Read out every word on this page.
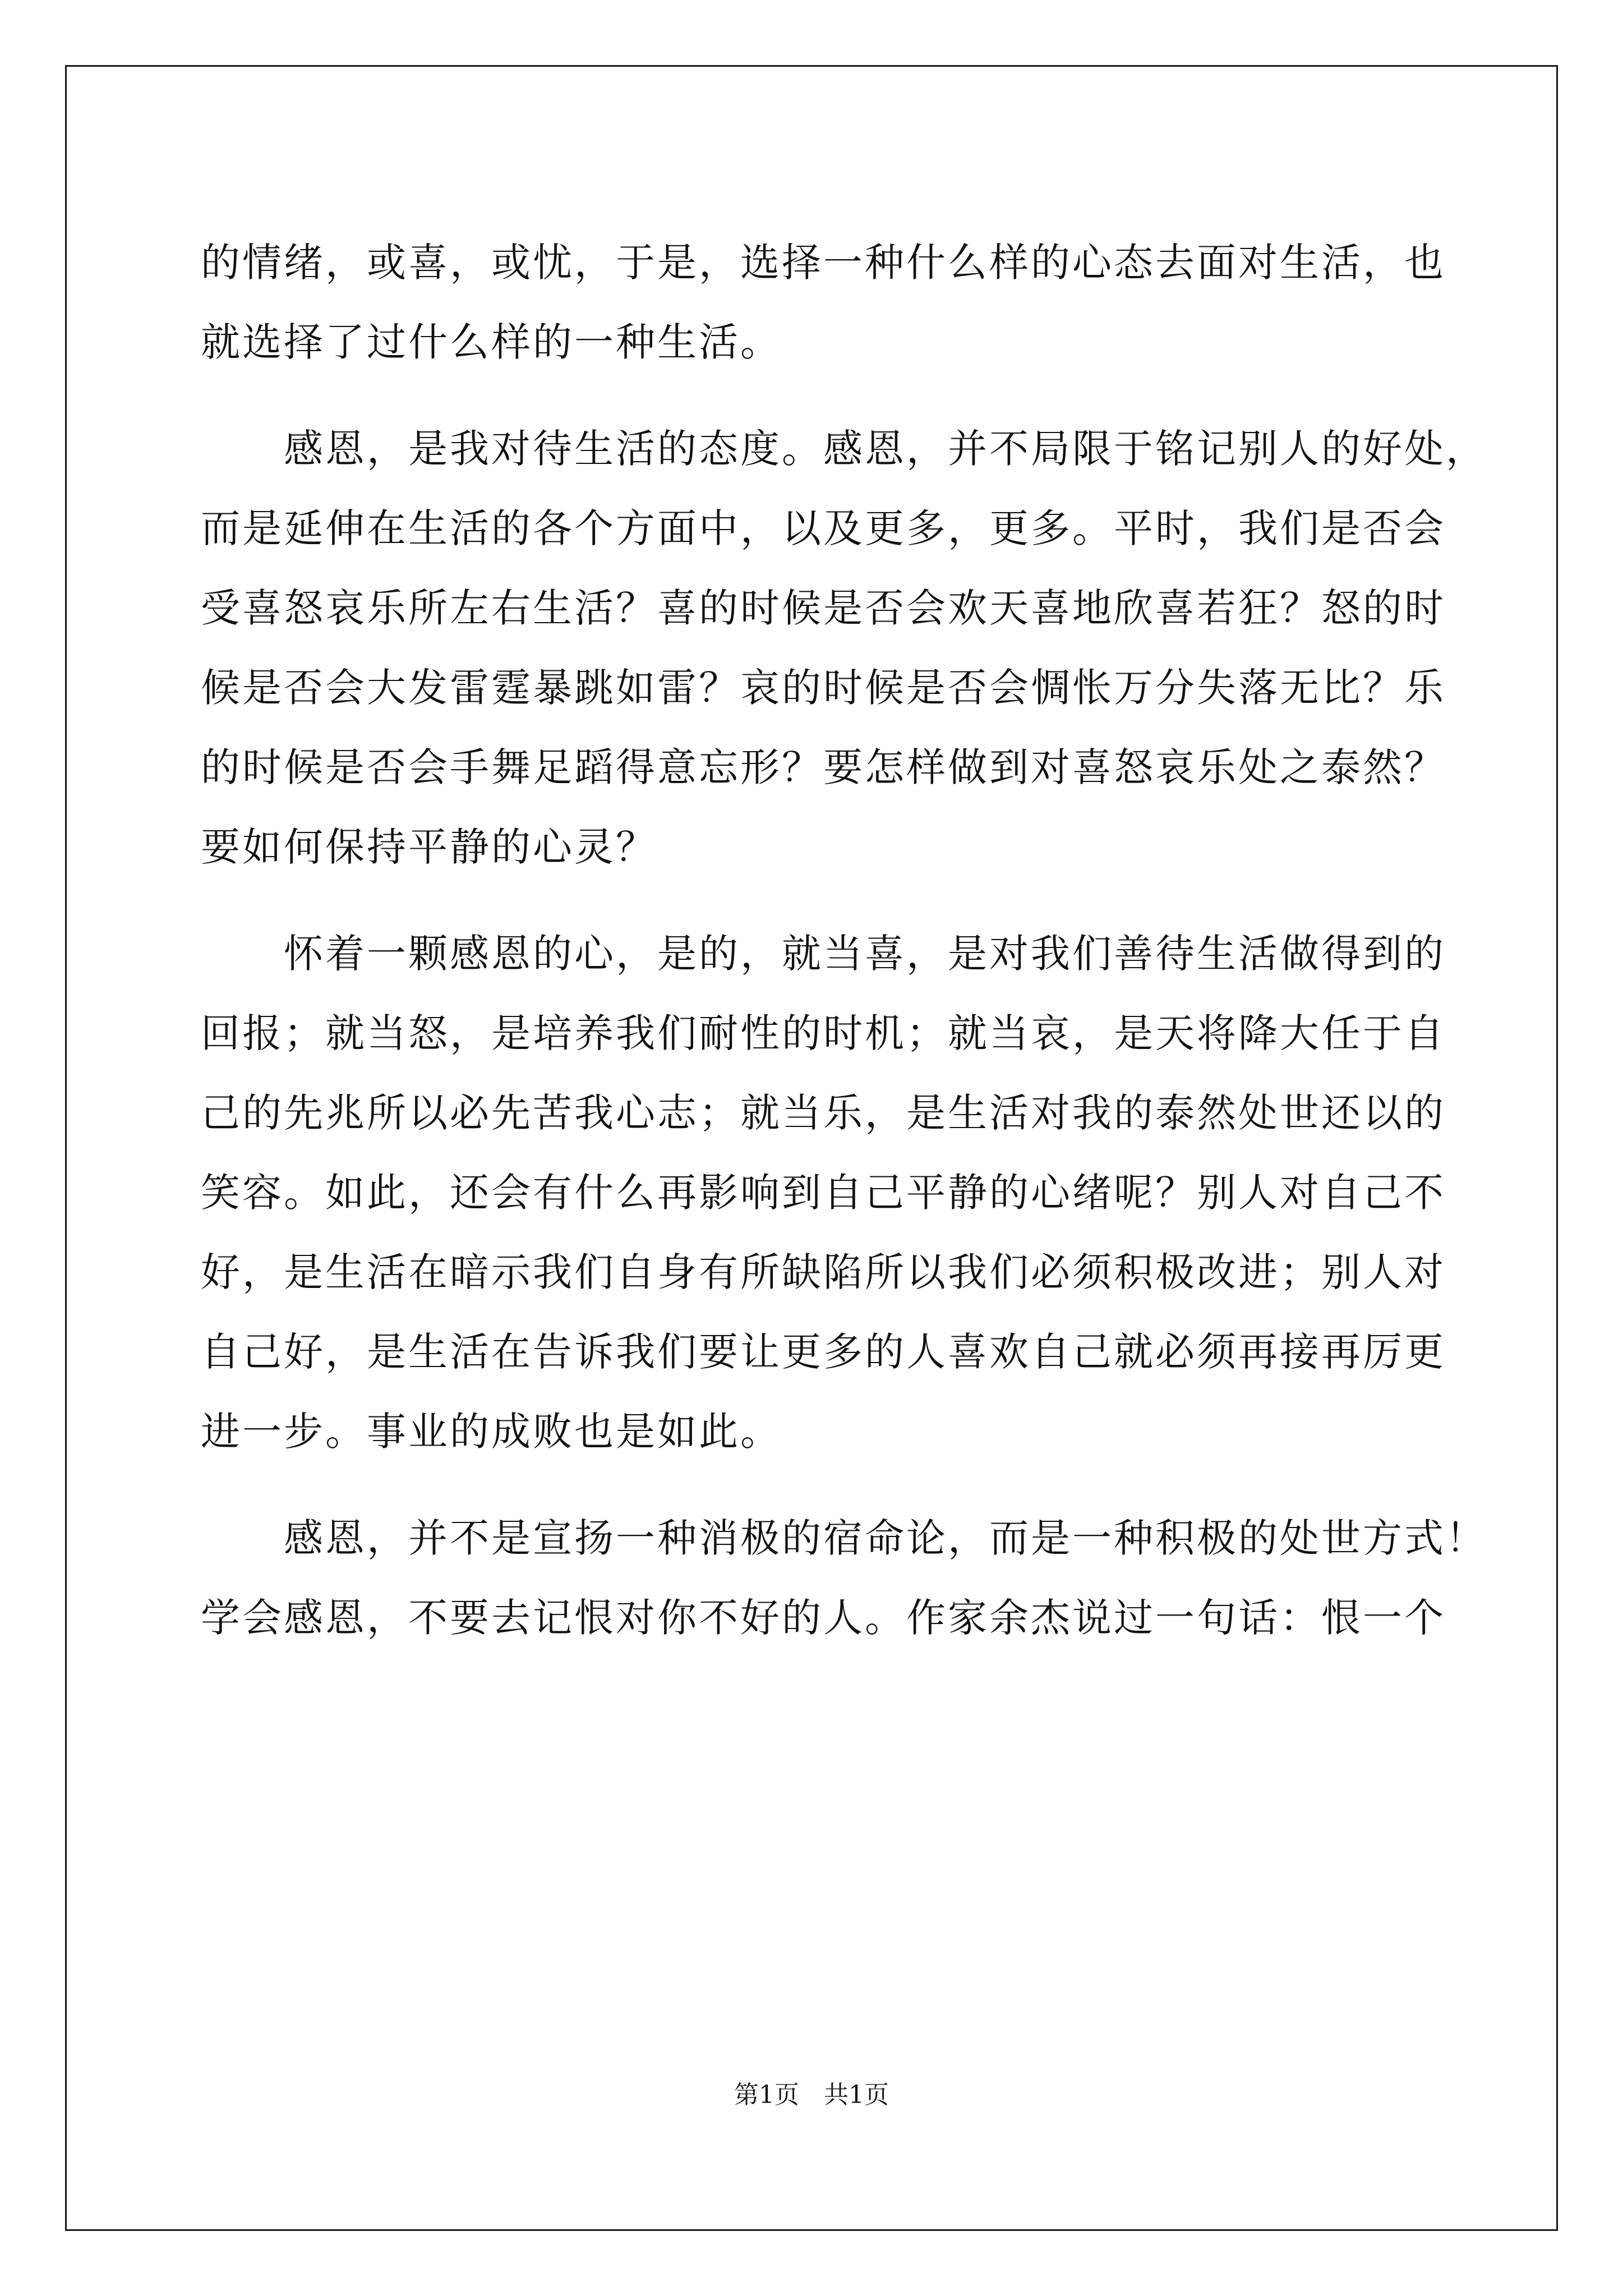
的情绪，或喜，或忧，于是，选择一种什么样的心态去面对生活，也
就选择了过什么样的一种生活。
　　感恩，是我对待生活的态度。感恩，并不局限于铭记别人的好处，
而是延伸在生活的各个方面中，以及更多，更多。平时，我们是否会
受喜怒哀乐所左右生活？喜的时候是否会欢天喜地欣喜若狂？怒的时
候是否会大发雷霆暴跳如雷？哀的时候是否会惆怅万分失落无比？乐
的时候是否会手舞足蹈得意忘形？要怎样做到对喜怒哀乐处之泰然？
要如何保持平静的心灵？
　　怀着一颗感恩的心，是的，就当喜，是对我们善待生活做得到的
回报；就当怒，是培养我们耐性的时机；就当哀，是天将降大任于自
己的先兆所以必先苦我心志；就当乐，是生活对我的泰然处世还以的
笑容。如此，还会有什么再影响到自己平静的心绪呢？别人对自己不
好，是生活在暗示我们自身有所缺陷所以我们必须积极改进；别人对
自己好，是生活在告诉我们要让更多的人喜欢自己就必须再接再厉更
进一步。事业的成败也是如此。
　　感恩，并不是宣扬一种消极的宿命论，而是一种积极的处世方式！
学会感恩，不要去记恨对你不好的人。作家余杰说过一句话：恨一个
第1页　共1页
